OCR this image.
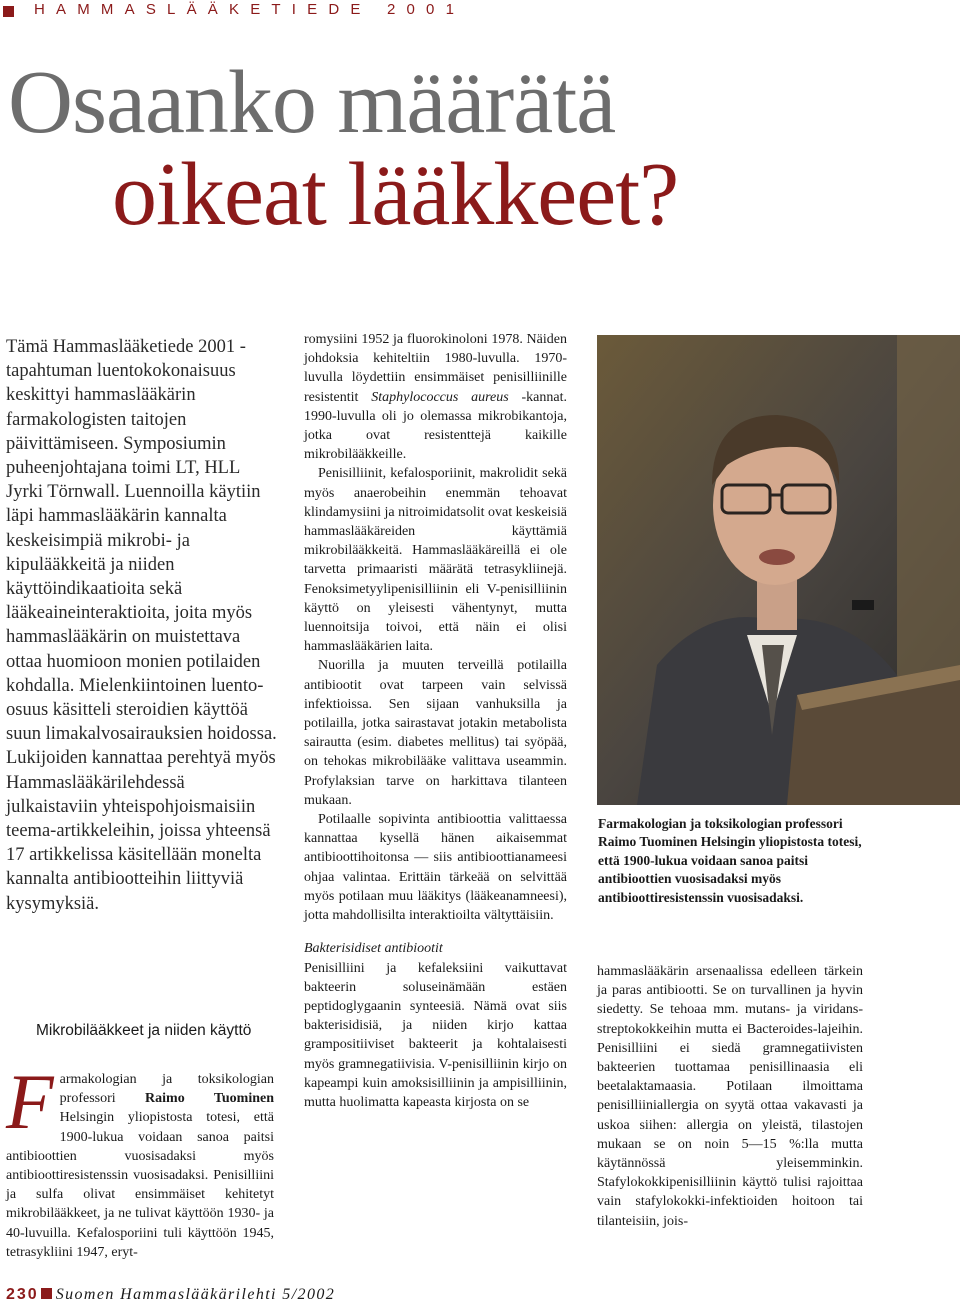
HAMMASLÄÄKETIEDE 2001
Osaanko määrätä
oikeat lääkkeet?

Tämä Hammaslääketiede 2001 -tapahtuman luentokokonaisuus keskittyi hammaslääkärin farmakologisten taitojen päivittämiseen. Symposiumin puheenjohtajana toimi LT, HLL Jyrki Törnwall. Luennoilla käytiin läpi hammaslääkärin kannalta keskeisimpiä mikrobi- ja kipulääkkeitä ja niiden käyttöindikaatioita sekä lääkeaineinteraktioita, joita myös hammaslääkärin on muistettava ottaa huomioon monien potilaiden kohdalla. Mielenkiintoinen luento-osuus käsitteli steroidien käyttöä suun limakalvosairauksien hoidossa. Lukijoiden kannattaa perehtyä myös Hammaslääkärilehdessä julkaistaviin yhteispohjoismaisiin teema-artikkeleihin, joissa yhteensä 17 artikkelissa käsitellään monelta kannalta antibiootteihin liittyviä kysymyksiä.

Mikrobilääkkeet ja niiden käyttö

Farmakologian ja toksikologian professori Raimo Tuominen Helsingin yliopistosta totesi, että 1900-lukua voidaan sanoa paitsi antibioottien vuosisadaksi myös antibioottiresistenssin vuosisadaksi. Penisilliini ja sulfa olivat ensimmäiset kehitetyt mikrobilääkkeet, ja ne tulivat käyttöön 1930- ja 40-luvuilla. Kefalosporiini tuli käyttöön 1945, tetrasykliini 1947, eryt-

romysiini 1952 ja fluorokinoloni 1978. Näiden johdoksia kehiteltiin 1980-luvulla. 1970-luvulla löydettiin ensimmäiset penisilliinille resistentit Staphylococcus aureus -kannat. 1990-luvulla oli jo olemassa mikrobikantoja, jotka ovat resistenttejä kaikille mikrobilääkkeille.

Penisilliinit, kefalosporiinit, makrolidit sekä myös anaerobeihin enemmän tehoavat klindamysiini ja nitroimidatsolit ovat keskeisiä hammaslääkäreiden käyttämiä mikrobilääkkeitä. Hammaslääkäreillä ei ole tarvetta primaaristi määrätä tetrasykliinejä. Fenoksimetyylipenisilliinin eli V-penisilliinin käyttö on yleisesti vähentynyt, mutta luennoitsija toivoi, että näin ei olisi hammaslääkärien laita.

Nuorilla ja muuten terveillä potilailla antibiootit ovat tarpeen vain selvissä infektioissa. Sen sijaan vanhuksilla ja potilailla, jotka sairastavat jotakin metabolista sairautta (esim. diabetes mellitus) tai syöpää, on tehokas mikrobilääke valittava useammin. Profylaksian tarve on harkittava tilanteen mukaan.

Potilaalle sopivinta antibioottia valittaessa kannattaa kysellä hänen aikaisemmat antibioottihoitonsa — siis antibioottianameesi ohjaa valintaa. Erittäin tärkeää on selvittää myös potilaan muu lääkitys (lääkeanamneesi), jotta mahdollisilta interaktioilta vältyttäisiin.

Bakterisidiset antibiootit

Penisilliini ja kefaleksiini vaikuttavat bakteerin soluseinämään estäen peptidoglygaanin synteesiä. Nämä ovat siis bakterisidisiä, ja niiden kirjo kattaa grampositiiviset bakteerit ja kohtalaisesti myös gramnegatiivisia. V-penisilliinin kirjo on kapeampi kuin amoksisilliinin ja ampisilliinin, mutta huolimatta kapeasta kirjosta on se

Farmakologian ja toksikologian professori Raimo Tuominen Helsingin yliopistosta totesi, että 1900-lukua voidaan sanoa paitsi antibioottien vuosisadaksi myös antibioottiresistenssin vuosisadaksi.

hammaslääkärin arsenaalissa edelleen tärkein ja paras antibiootti. Se on turvallinen ja hyvin siedetty. Se tehoaa mm. mutans- ja viridans-streptokokkeihin mutta ei Bacteroides-lajeihin. Penisilliini ei siedä gramnegatiivisten bakteerien tuottamaa penisillinaasia eli beetalaktamaasia. Potilaan ilmoittama penisilliiniallergia on syytä ottaa vakavasti ja uskoa siihen: allergia on yleistä, tilastojen mukaan se on noin 5—15 %:lla mutta käytännössä yleisemminkin. Stafylokokkipenisilliinin käyttö tulisi rajoittaa vain stafylokokki-infektioiden hoitoon tai tilanteisiin, jois-

230 Suomen Hammaslääkärilehti 5/2002
